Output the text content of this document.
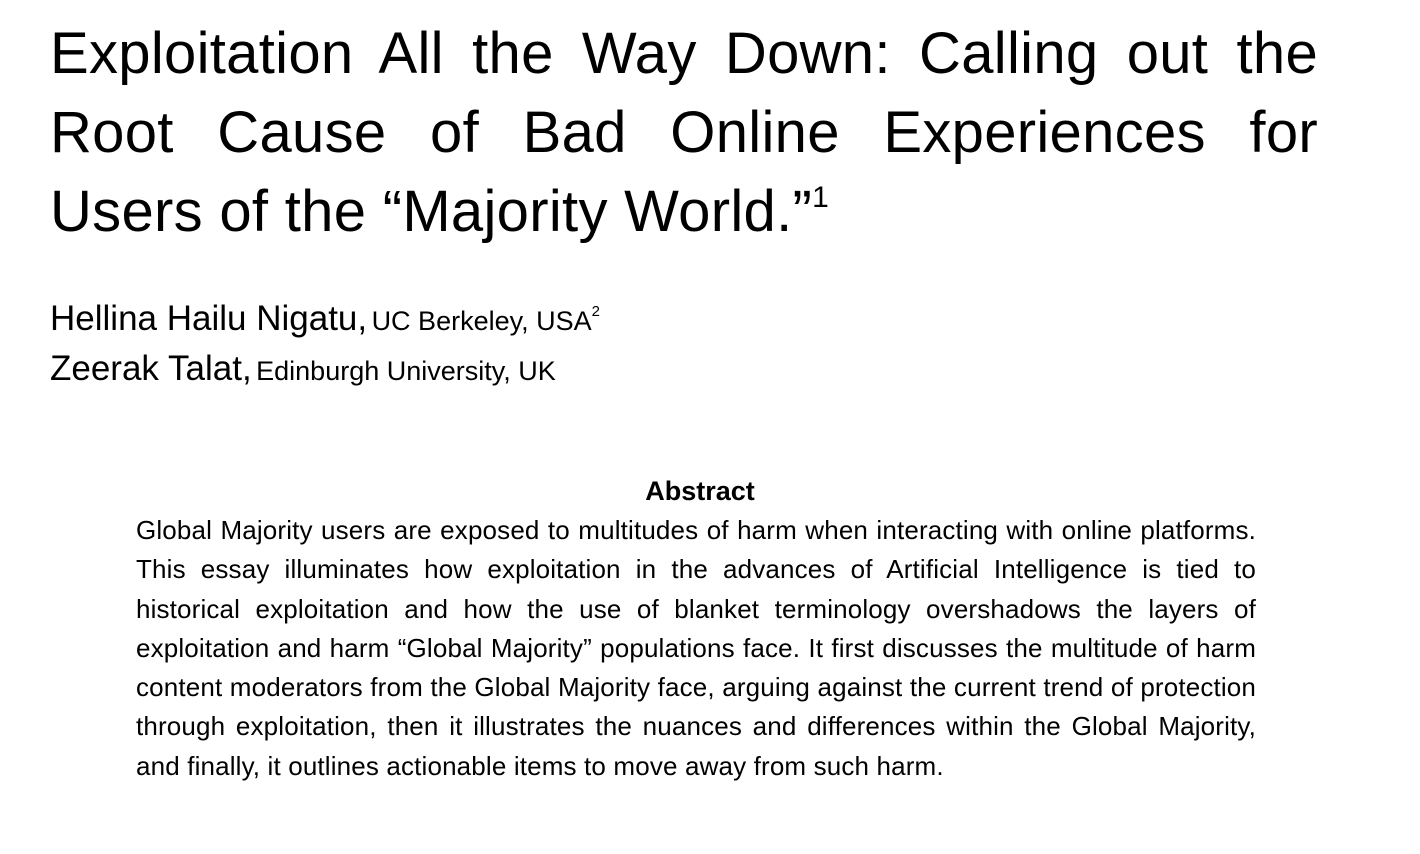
Exploitation All the Way Down: Calling out the Root Cause of Bad Online Experiences for Users of the “Majority World.”$^1$
Hellina Hailu Nigatu, UC Berkeley, USA$^2$
Zeerak Talat, Edinburgh University, UK
Abstract

Global Majority users are exposed to multitudes of harm when interacting with online platforms. This essay illuminates how exploitation in the advances of Artificial Intelligence is tied to historical exploitation and how the use of blanket terminology overshadows the layers of exploitation and harm “Global Majority” populations face. It first discusses the multitude of harm content moderators from the Global Majority face, arguing against the current trend of protection through exploitation, then it illustrates the nuances and differences within the Global Majority, and finally, it outlines actionable items to move away from such harm.
